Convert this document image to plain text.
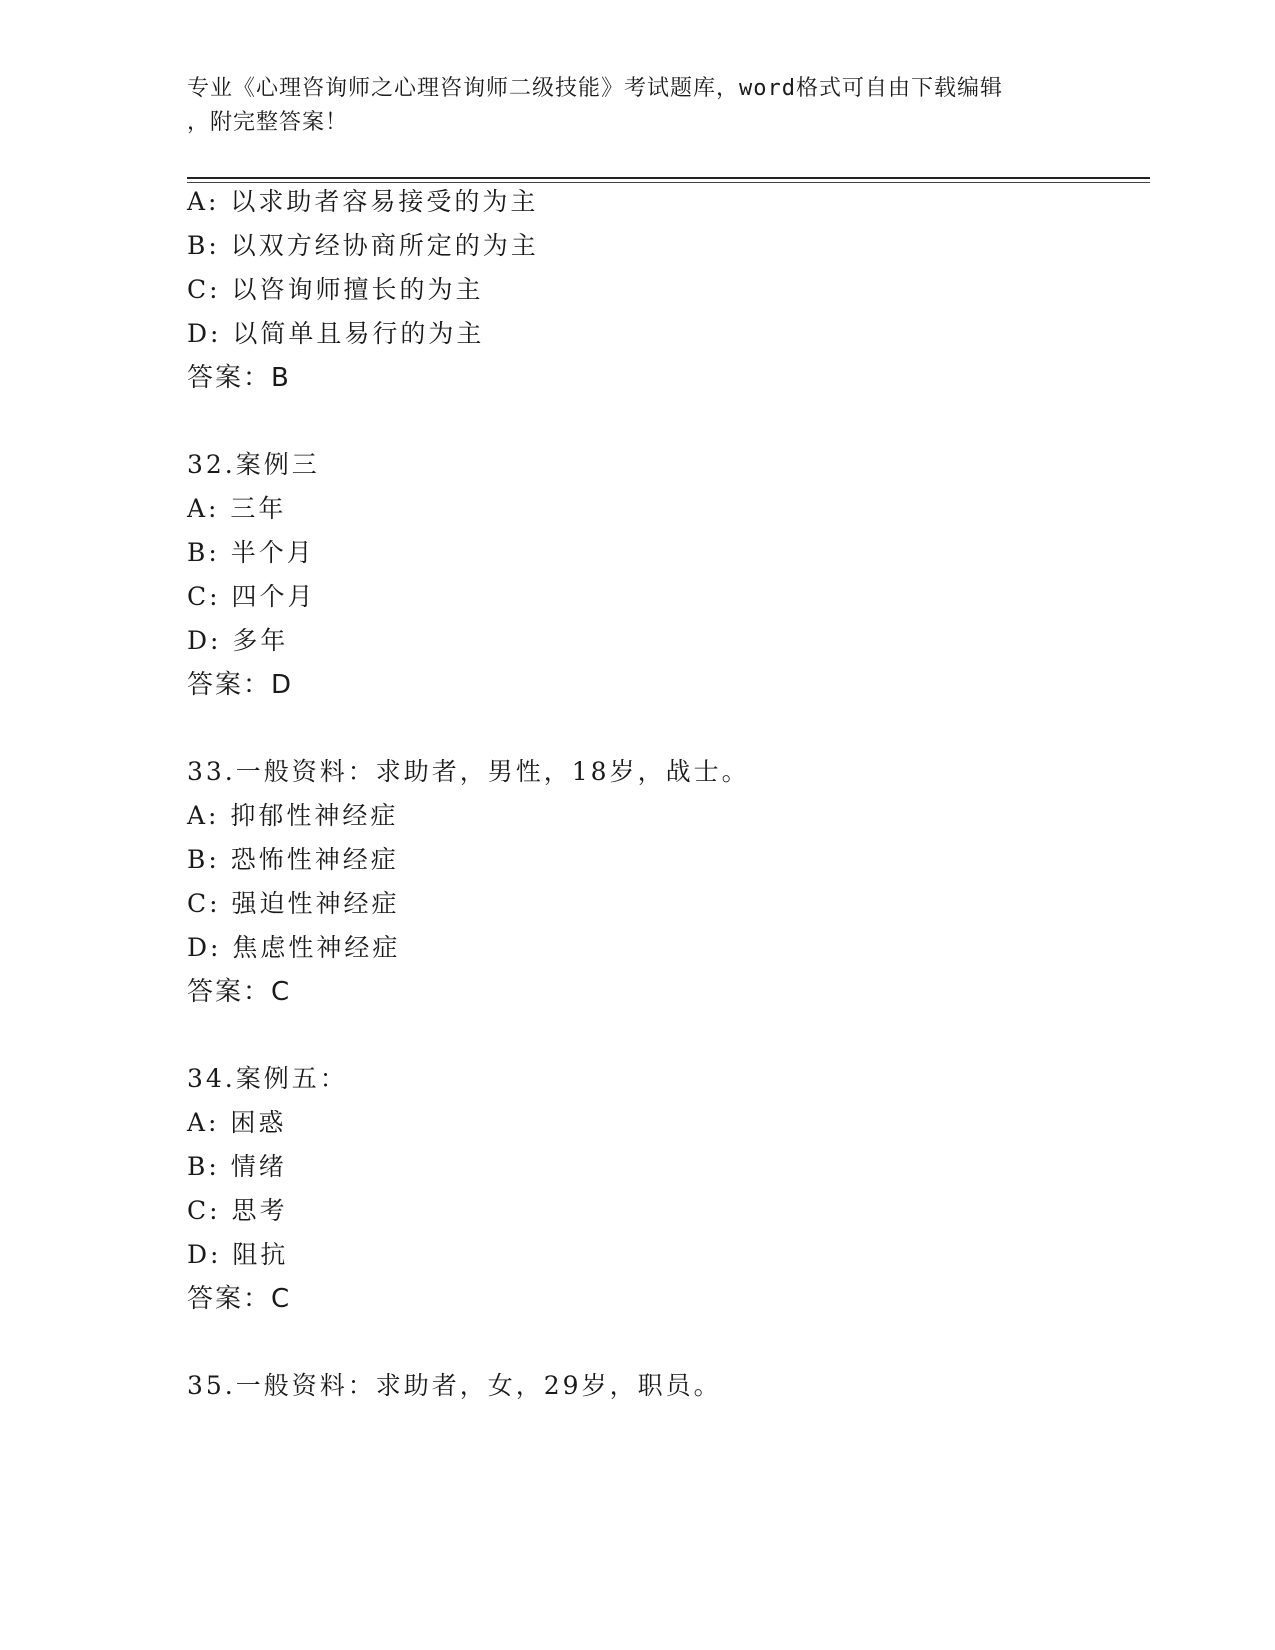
专业《心理咨询师之心理咨询师二级技能》考试题库，word格式可自由下载编辑
，附完整答案！
A: 以求助者容易接受的为主
B: 以双方经协商所定的为主
C: 以咨询师擅长的为主
D: 以简单且易行的为主
答案：B
32.案例三
A: 三年
B: 半个月
C: 四个月
D: 多年
答案：D
33.一般资料：求助者，男性，18岁，战士。
A: 抑郁性神经症
B: 恐怖性神经症
C: 强迫性神经症
D: 焦虑性神经症
答案：C
34.案例五：
A: 困惑
B: 情绪
C: 思考
D: 阻抗
答案：C
35.一般资料：求助者，女，29岁，职员。
